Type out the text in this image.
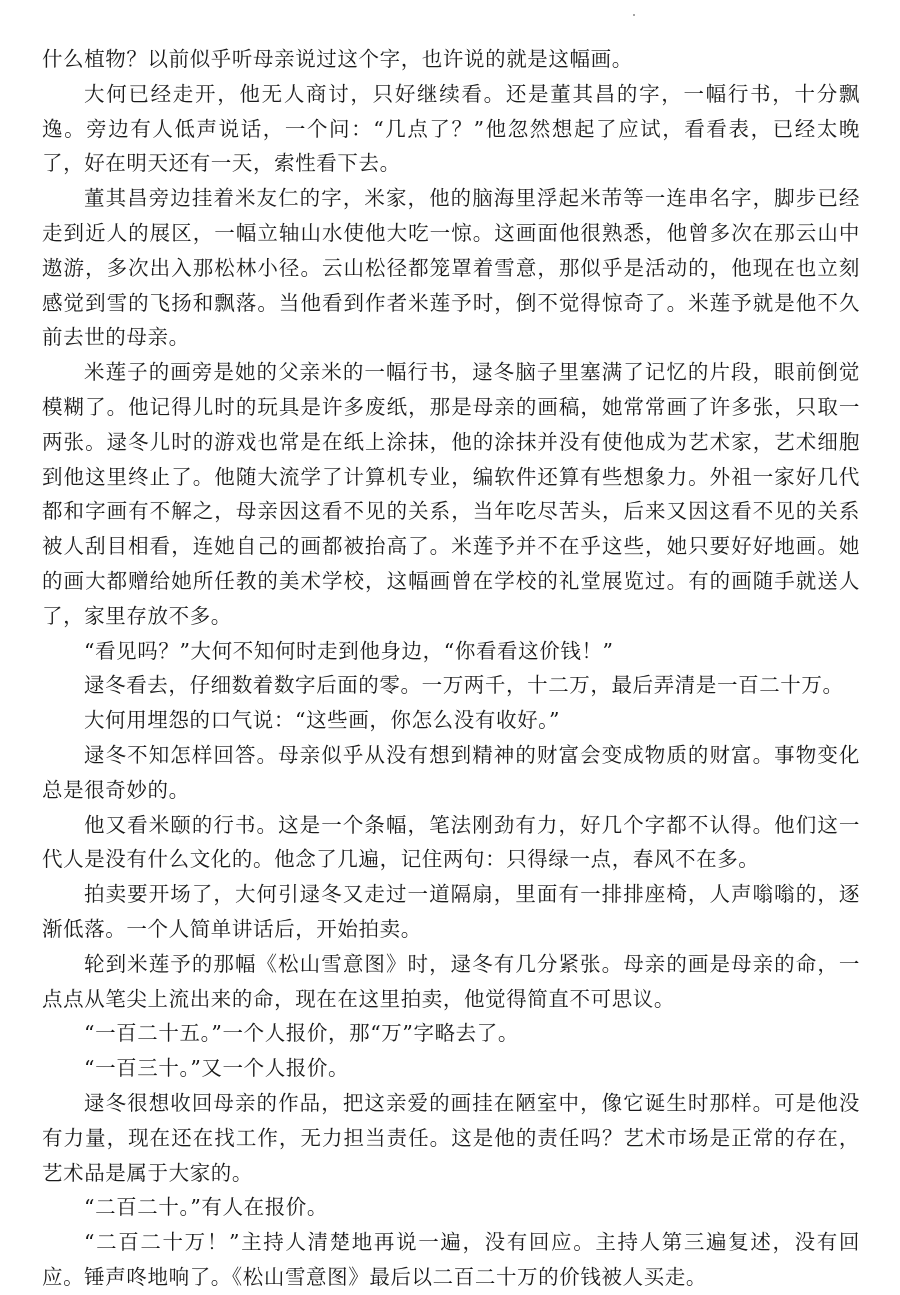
什么植物？以前似乎听母亲说过这个字，也许说的就是这幅画。

大何已经走开，他无人商讨，只好继续看。还是董其昌的字，一幅行书，十分飘逸。旁边有人低声说话，一个问：“几点了？”他忽然想起了应试，看看表，已经太晚了，好在明天还有一天，索性看下去。

董其昌旁边挂着米友仁的字，米家，他的脑海里浮起米芾等一连串名字，脚步已经走到近人的展区，一幅立轴山水使他大吃一惊。这画面他很熟悉，他曾多次在那云山中遨游，多次出入那松林小径。云山松径都笼罩着雪意，那似乎是活动的，他现在也立刻感觉到雪的飞扬和飘落。当他看到作者米莲予时，倒不觉得惊奇了。米莲予就是他不久前去世的母亲。

米莲子的画旁是她的父亲米的一幅行书，逯冬脑子里塞满了记忆的片段，眼前倒觉模糊了。他记得儿时的玩具是许多废纸，那是母亲的画稿，她常常画了许多张，只取一两张。逯冬儿时的游戏也常是在纸上涂抹，他的涂抹并没有使他成为艺术家，艺术细胞到他这里终止了。他随大流学了计算机专业，编软件还算有些想象力。外祖一家好几代都和字画有不解之，母亲因这看不见的关系，当年吃尽苦头，后来又因这看不见的关系被人刮目相看，连她自己的画都被抬高了。米莲予并不在乎这些，她只要好好地画。她的画大都赠给她所任教的美术学校，这幅画曾在学校的礼堂展览过。有的画随手就送人了，家里存放不多。

“看见吗？”大何不知何时走到他身边，“你看看这价钱！”

逯冬看去，仔细数着数字后面的零。一万两千，十二万，最后弄清是一百二十万。

大何用埋怨的口气说：“这些画，你怎么没有收好。”

逯冬不知怎样回答。母亲似乎从没有想到精神的财富会变成物质的财富。事物变化总是很奇妙的。

他又看米颐的行书。这是一个条幅，笔法刚劲有力，好几个字都不认得。他们这一代人是没有什么文化的。他念了几遍，记住两句：只得绿一点，春风不在多。

拍卖要开场了，大何引逯冬又走过一道隔扇，里面有一排排座椅，人声嗡嗡的，逐渐低落。一个人简单讲话后，开始拍卖。

轮到米莲予的那幅《松山雪意图》时，逯冬有几分紧张。母亲的画是母亲的命，一点点从笔尖上流出来的命，现在在这里拍卖，他觉得简直不可思议。

“一百二十五。”一个人报价，那“万”字略去了。

“一百三十。”又一个人报价。

逯冬很想收回母亲的作品，把这亲爱的画挂在陋室中，像它诞生时那样。可是他没有力量，现在还在找工作，无力担当责任。这是他的责任吗？艺术市场是正常的存在，艺术品是属于大家的。

“二百二十。”有人在报价。

“二百二十万！”主持人清楚地再说一遍，没有回应。主持人第三遍复述，没有回应。锤声咚地响了。《松山雪意图》最后以二百二十万的价钱被人买走。
